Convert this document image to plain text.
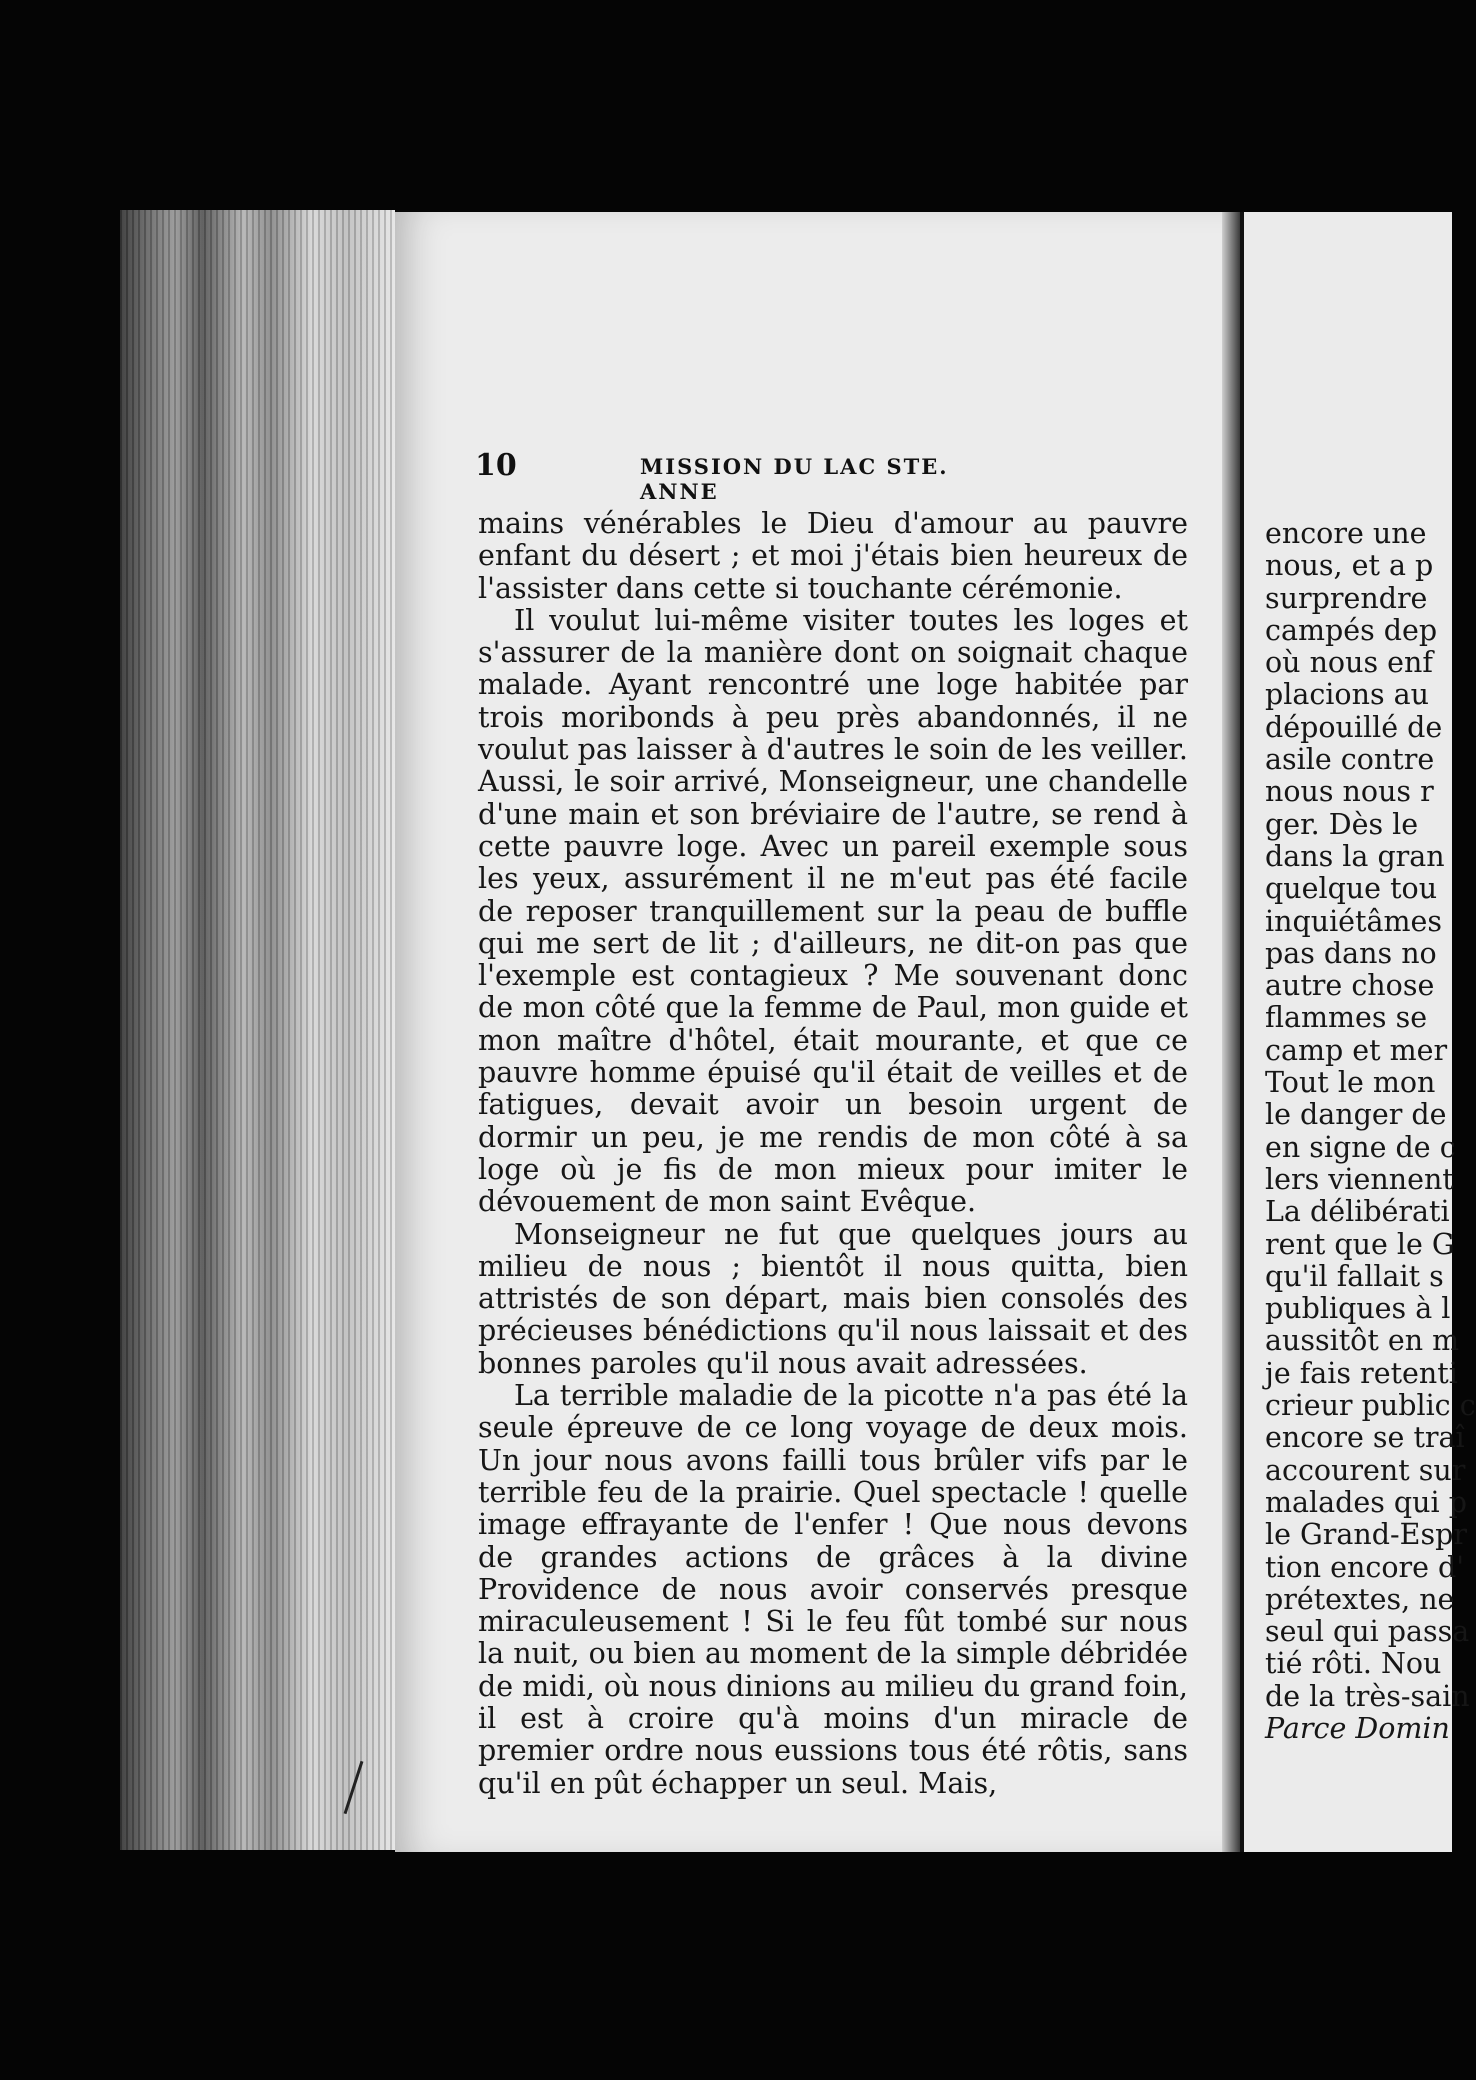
10	MISSION DU LAC STE. ANNE

mains vénérables le Dieu d'amour au pauvre enfant du désert ; et moi j'étais bien heureux de l'assister dans cette si touchante cérémonie.

Il voulut lui-même visiter toutes les loges et s'assurer de la manière dont on soignait chaque malade. Ayant rencontré une loge habitée par trois moribonds à peu près abandonnés, il ne voulut pas laisser à d'autres le soin de les veiller. Aussi, le soir arrivé, Monseigneur, une chandelle d'une main et son bréviaire de l'autre, se rend à cette pauvre loge. Avec un pareil exemple sous les yeux, assurément il ne m'eut pas été facile de reposer tranquillement sur la peau de buffle qui me sert de lit ; d'ailleurs, ne dit-on pas que l'exemple est contagieux ? Me souvenant donc de mon côté que la femme de Paul, mon guide et mon maître d'hôtel, était mourante, et que ce pauvre homme épuisé qu'il était de veilles et de fatigues, devait avoir un besoin urgent de dormir un peu, je me rendis de mon côté à sa loge où je fis de mon mieux pour imiter le dévouement de mon saint Evêque.

Monseigneur ne fut que quelques jours au milieu de nous ; bientôt il nous quitta, bien attristés de son départ, mais bien consolés des précieuses bénédictions qu'il nous laissait et des bonnes paroles qu'il nous avait adressées.

La terrible maladie de la picotte n'a pas été la seule épreuve de ce long voyage de deux mois. Un jour nous avons failli tous brûler vifs par le terrible feu de la prairie. Quel spectacle ! quelle image effrayante de l'enfer ! Que nous devons de grandes actions de grâces à la divine Providence de nous avoir conservés presque miraculeusement ! Si le feu fût tombé sur nous la nuit, ou bien au moment de la simple débridée de midi, où nous dinions au milieu du grand foin, il est à croire qu'à moins d'un miracle de premier ordre nous eussions tous été rôtis, sans qu'il en pût échapper un seul. Mais,

encore une
nous, et a p
surprendre
campés dep
où nous enf
placions au
dépouillé de
asile contre
nous nous r
ger. Dès le
dans la gran
quelque tou
inquiétâmes
pas dans no
autre chose
flammes se
camp et mer
Tout le mon
le danger de
en signe de c
lers viennent
La délibérati
rent que le G
qu'il fallait s
publiques à l
aussitôt en m
je fais retenti
crieur public c
encore se traî
accourent sur
malades qui p
le Grand-Espr
tion encore d'
prétextes, ne
seul qui passa
tié rôti. Nou
de la très-sain
Parce Domin
